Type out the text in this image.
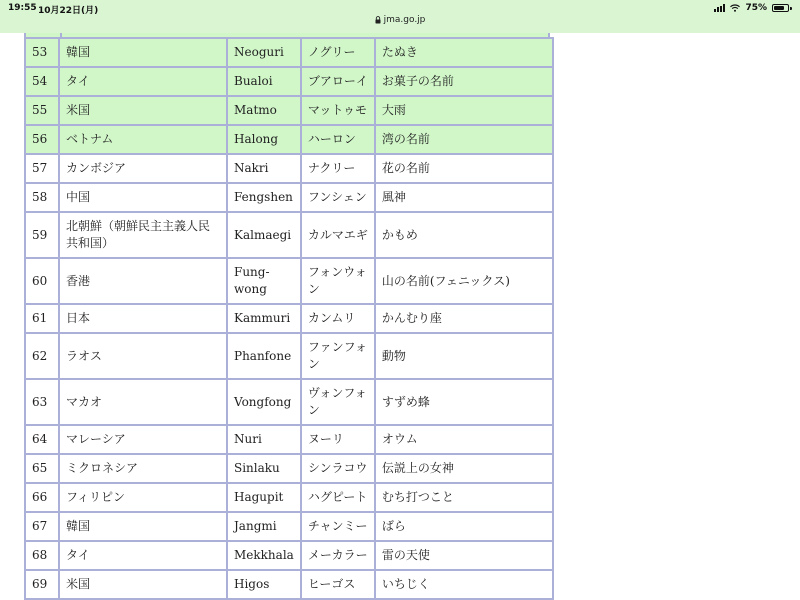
19:55 10月22日(月)	75%
jma.go.jp
53	韓国	Neoguri	ノグリー	たぬき
54	タイ	Bualoi	ブアローイ	お菓子の名前
55	米国	Matmo	マットゥモ	大雨
56	ベトナム	Halong	ハーロン	湾の名前
57	カンボジア	Nakri	ナクリー	花の名前
58	中国	Fengshen	フンシェン	風神
59	北朝鮮（朝鮮民主主義人民共和国）	Kalmaegi	カルマエギ	かもめ
60	香港	Fung-wong	フォンウォン	山の名前(フェニックス)
61	日本	Kammuri	カンムリ	かんむり座
62	ラオス	Phanfone	ファンフォン	動物
63	マカオ	Vongfong	ヴォンフォン	すずめ蜂
64	マレーシア	Nuri	ヌーリ	オウム
65	ミクロネシア	Sinlaku	シンラコウ	伝説上の女神
66	フィリピン	Hagupit	ハグピート	むち打つこと
67	韓国	Jangmi	チャンミー	ばら
68	タイ	Mekkhala	メーカラー	雷の天使
69	米国	Higos	ヒーゴス	いちじく
